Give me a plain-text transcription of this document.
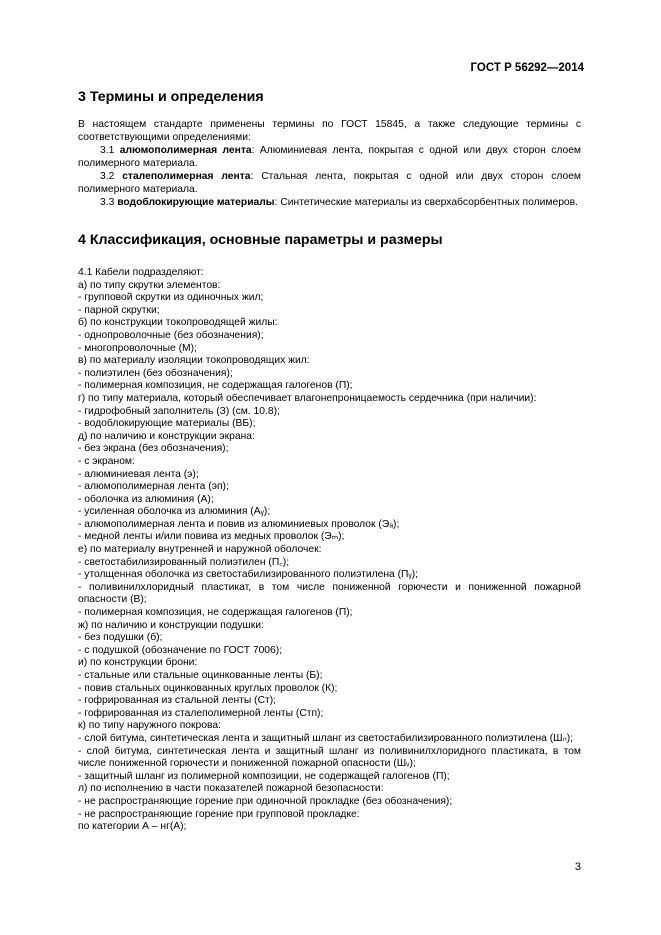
ГОСТ Р 56292—2014
3 Термины и определения

В настоящем стандарте применены термины по ГОСТ 15845, а также следующие термины с соответствующими определениями:

3.1 алюмополимерная лента: Алюминиевая лента, покрытая с одной или двух сторон слоем полимерного материала.

3.2 сталеполимерная лента: Стальная лента, покрытая с одной или двух сторон слоем полимерного материала.

3.3 водоблокирующие материалы: Синтетические материалы из сверхабсорбентных полимеров.

4 Классификация, основные параметры и размеры
4.1 Кабели подразделяют:
а) по типу скрутки элементов:
- групповой скрутки из одиночных жил;
- парной скрутки;
б) по конструкции токопроводящей жилы:
- однопроволочные (без обозначения);
- многопроволочные (М);
в) по материалу изоляции токопроводящих жил:
- полиэтилен (без обозначения);
- полимерная композиция, не содержащая галогенов (П);
г) по типу материала, который обеспечивает влагонепроницаемость сердечника (при наличии):
- гидрофобный заполнитель (З) (см. 10.8);
- водоблокирующие материалы (ВБ);
д) по наличию и конструкции экрана:
- без экрана (без обозначения);
- с экраном:
- алюминиевая лента (э);
- алюмополимерная лента (эп);
- оболочка из алюминия (А);
- усиленная оболочка из алюминия (Аᵧ);
- алюмополимерная лента и повив из алюминиевых проволок (Эₐ);
- медной ленты и/или повива из медных проволок (Эₘ);
е) по материалу внутренней и наружной оболочек:
- светостабилизированный полиэтилен (П꜀);
- утолщенная оболочка из светостабилизированного полиэтилена (Пᵧ);
- поливинилхлоридный пластикат, в том числе пониженной горючести и пониженной пожарной опасности (В);
- полимерная композиция, не содержащая галогенов (П);
ж) по наличию и конструкции подушки:
- без подушки (б);
- с подушкой (обозначение по ГОСТ 7006);
и) по конструкции брони:
- стальные или стальные оцинкованные ленты (Б);
- повив стальных оцинкованных круглых проволок (К);
- гофрированная из стальной ленты (Сᴛ);
- гофрированная из сталеполимерной ленты (Сᴛп);
к) по типу наружного покрова:
- слой битума, синтетическая лента и защитный шланг из светостабилизированного полиэтилена (Шₙ);
- слой битума, синтетическая лента и защитный шланг из поливинилхлоридного пластиката, в том числе пониженной горючести и пониженной пожарной опасности (Шᵥ);
- защитный шланг из полимерной композиции, не содержащей галогенов (П);
л) по исполнению в части показателей пожарной безопасности:
- не распространяющие горение при одиночной прокладке (без обозначения);
- не распространяющие горение при групповой прокладке:
по категории А – нг(А);
3
